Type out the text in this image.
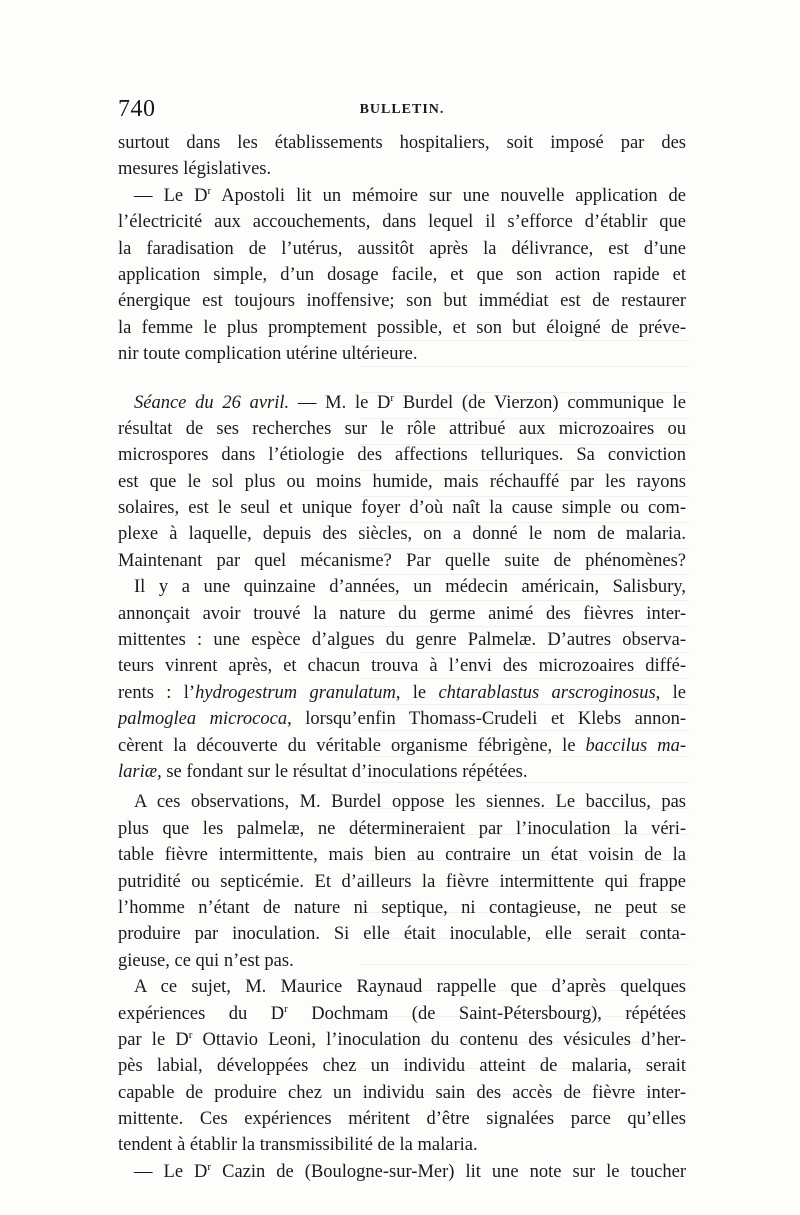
740	BULLETIN.
surtout dans les établissements hospitaliers, soit imposé par des
mesures législatives.
— Le $D^r$ Apostoli lit un mémoire sur une nouvelle application de
l’électricité aux accouchements, dans lequel il s’efforce d’établir que
la faradisation de l’utérus, aussitôt après la délivrance, est d’une
application simple, d’un dosage facile, et que son action rapide et
énergique est toujours inoffensive; son but immédiat est de restaurer
la femme le plus promptement possible, et son but éloigné de préve-
nir toute complication utérine ultérieure.
Séance du 26 avril. — M. le $D^r$ Burdel (de Vierzon) communique le
résultat de ses recherches sur le rôle attribué aux microzoaires ou
microspores dans l’étiologie des affections telluriques. Sa conviction
est que le sol plus ou moins humide, mais réchauffé par les rayons
solaires, est le seul et unique foyer d’où naît la cause simple ou com-
plexe à laquelle, depuis des siècles, on a donné le nom de malaria.
Maintenant par quel mécanisme? Par quelle suite de phénomènes?
Il y a une quinzaine d’années, un médecin américain, Salisbury,
annonçait avoir trouvé la nature du germe animé des fièvres inter-
mittentes : une espèce d’algues du genre Palmelæ. D’autres observa-
teurs vinrent après, et chacun trouva à l’envi des microzoaires diffé-
rents : l’hydrogestrum granulatum, le chtarablastus arscroginosus, le
palmoglea micrococa, lorsqu’enfin Thomass-Crudeli et Klebs annon-
cèrent la découverte du véritable organisme fébrigène, le baccilus ma-
lariæ, se fondant sur le résultat d’inoculations répétées.
A ces observations, M. Burdel oppose les siennes. Le baccilus, pas
plus que les palmelæ, ne détermineraient par l’inoculation la véri-
table fièvre intermittente, mais bien au contraire un état voisin de la
putridité ou septicémie. Et d’ailleurs la fièvre intermittente qui frappe
l’homme n’étant de nature ni septique, ni contagieuse, ne peut se
produire par inoculation. Si elle était inoculable, elle serait conta-
gieuse, ce qui n’est pas.
A ce sujet, M. Maurice Raynaud rappelle que d’après quelques
expériences du $D^r$ Dochmam (de Saint-Pétersbourg), répétées
par le $D^r$ Ottavio Leoni, l’inoculation du contenu des vésicules d’her-
pès labial, développées chez un individu atteint de malaria, serait
capable de produire chez un individu sain des accès de fièvre inter-
mittente. Ces expériences méritent d’être signalées parce qu’elles
tendent à établir la transmissibilité de la malaria.
— Le $D^r$ Cazin de (Boulogne-sur-Mer) lit une note sur le toucher
